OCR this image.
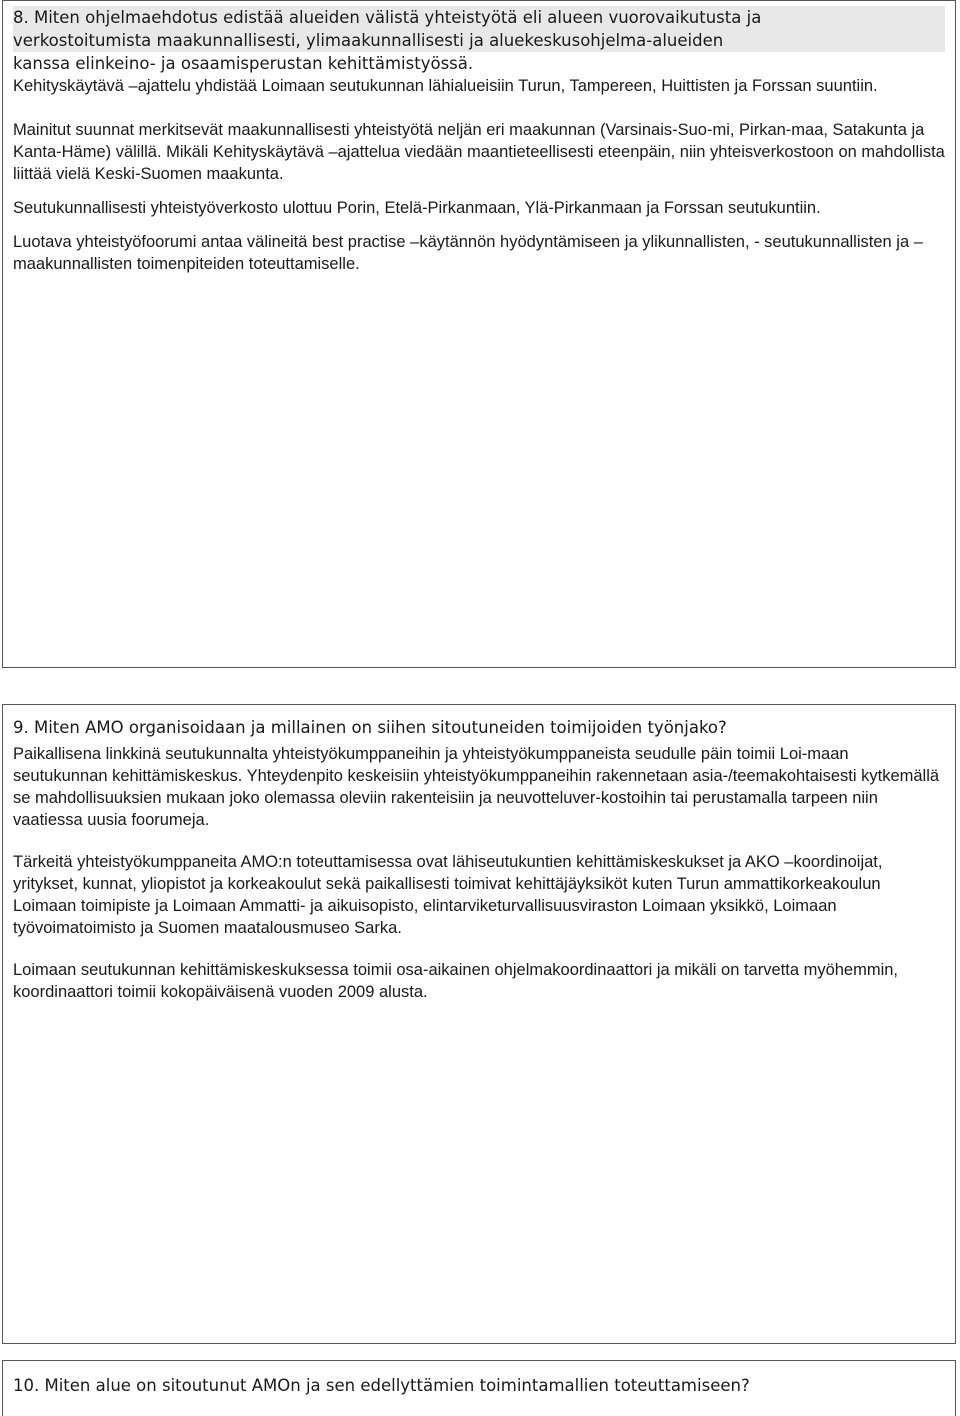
8. Miten ohjelmaehdotus edistää alueiden välistä yhteistyötä eli alueen vuorovaikutusta ja

verkostoitumista maakunnallisesti, ylimaakunnallisesti ja aluekeskusohjelma-alueiden

kanssa elinkeino- ja osaamisperustan kehittämistyössä.

Kehityskäytävä –ajattelu yhdistää Loimaan seutukunnan lähialueisiin Turun, Tampereen, Huittisten ja Forssan suuntiin.

Mainitut suunnat merkitsevät maakunnallisesti yhteistyötä neljän eri maakunnan (Varsinais-Suo-mi, Pirkan-maa, Satakunta ja Kanta-Häme) välillä. Mikäli Kehityskäytävä –ajattelua viedään maantieteellisesti eteenpäin, niin yhteisverkostoon on mahdollista liittää vielä Keski-Suomen maakunta.

Seutukunnallisesti yhteistyöverkosto ulottuu Porin, Etelä-Pirkanmaan, Ylä-Pirkanmaan ja Forssan seutukuntiin.

Luotava yhteistyöfoorumi antaa välineitä best practise –käytännön hyödyntämiseen ja ylikunnallisten, - seutukunnallisten ja –maakunnallisten toimenpiteiden toteuttamiselle.

9. Miten AMO organisoidaan ja millainen on siihen sitoutuneiden toimijoiden työnjako?

Paikallisena linkkinä seutukunnalta yhteistyökumppaneihin ja yhteistyökumppaneista seudulle päin toimii Loi-maan seutukunnan kehittämiskeskus. Yhteydenpito keskeisiin yhteistyökumppaneihin rakennetaan asia-/teemakohtaisesti kytkemällä se mahdollisuuksien mukaan joko olemassa oleviin rakenteisiin ja neuvotteluver-kostoihin tai perustamalla tarpeen niin vaatiessa uusia foorumeja.

Tärkeitä yhteistyökumppaneita AMO:n toteuttamisessa ovat lähiseutukuntien kehittämiskeskukset ja AKO –koordinoijat, yritykset, kunnat, yliopistot ja korkeakoulut sekä paikallisesti toimivat kehittäjäyksiköt kuten Turun ammattikorkeakoulun Loimaan toimipiste ja Loimaan Ammatti- ja aikuisopisto, elintarviketurvallisuusviraston Loimaan yksikkö, Loimaan työvoimatoimisto ja Suomen maatalousmuseo Sarka.

Loimaan seutukunnan kehittämiskeskuksessa toimii osa-aikainen ohjelmakoordinaattori ja mikäli on tarvetta myöhemmin, koordinaattori toimii kokopäiväisenä vuoden 2009 alusta.

10. Miten alue on sitoutunut AMOn ja sen edellyttämien toimintamallien toteuttamiseen?
